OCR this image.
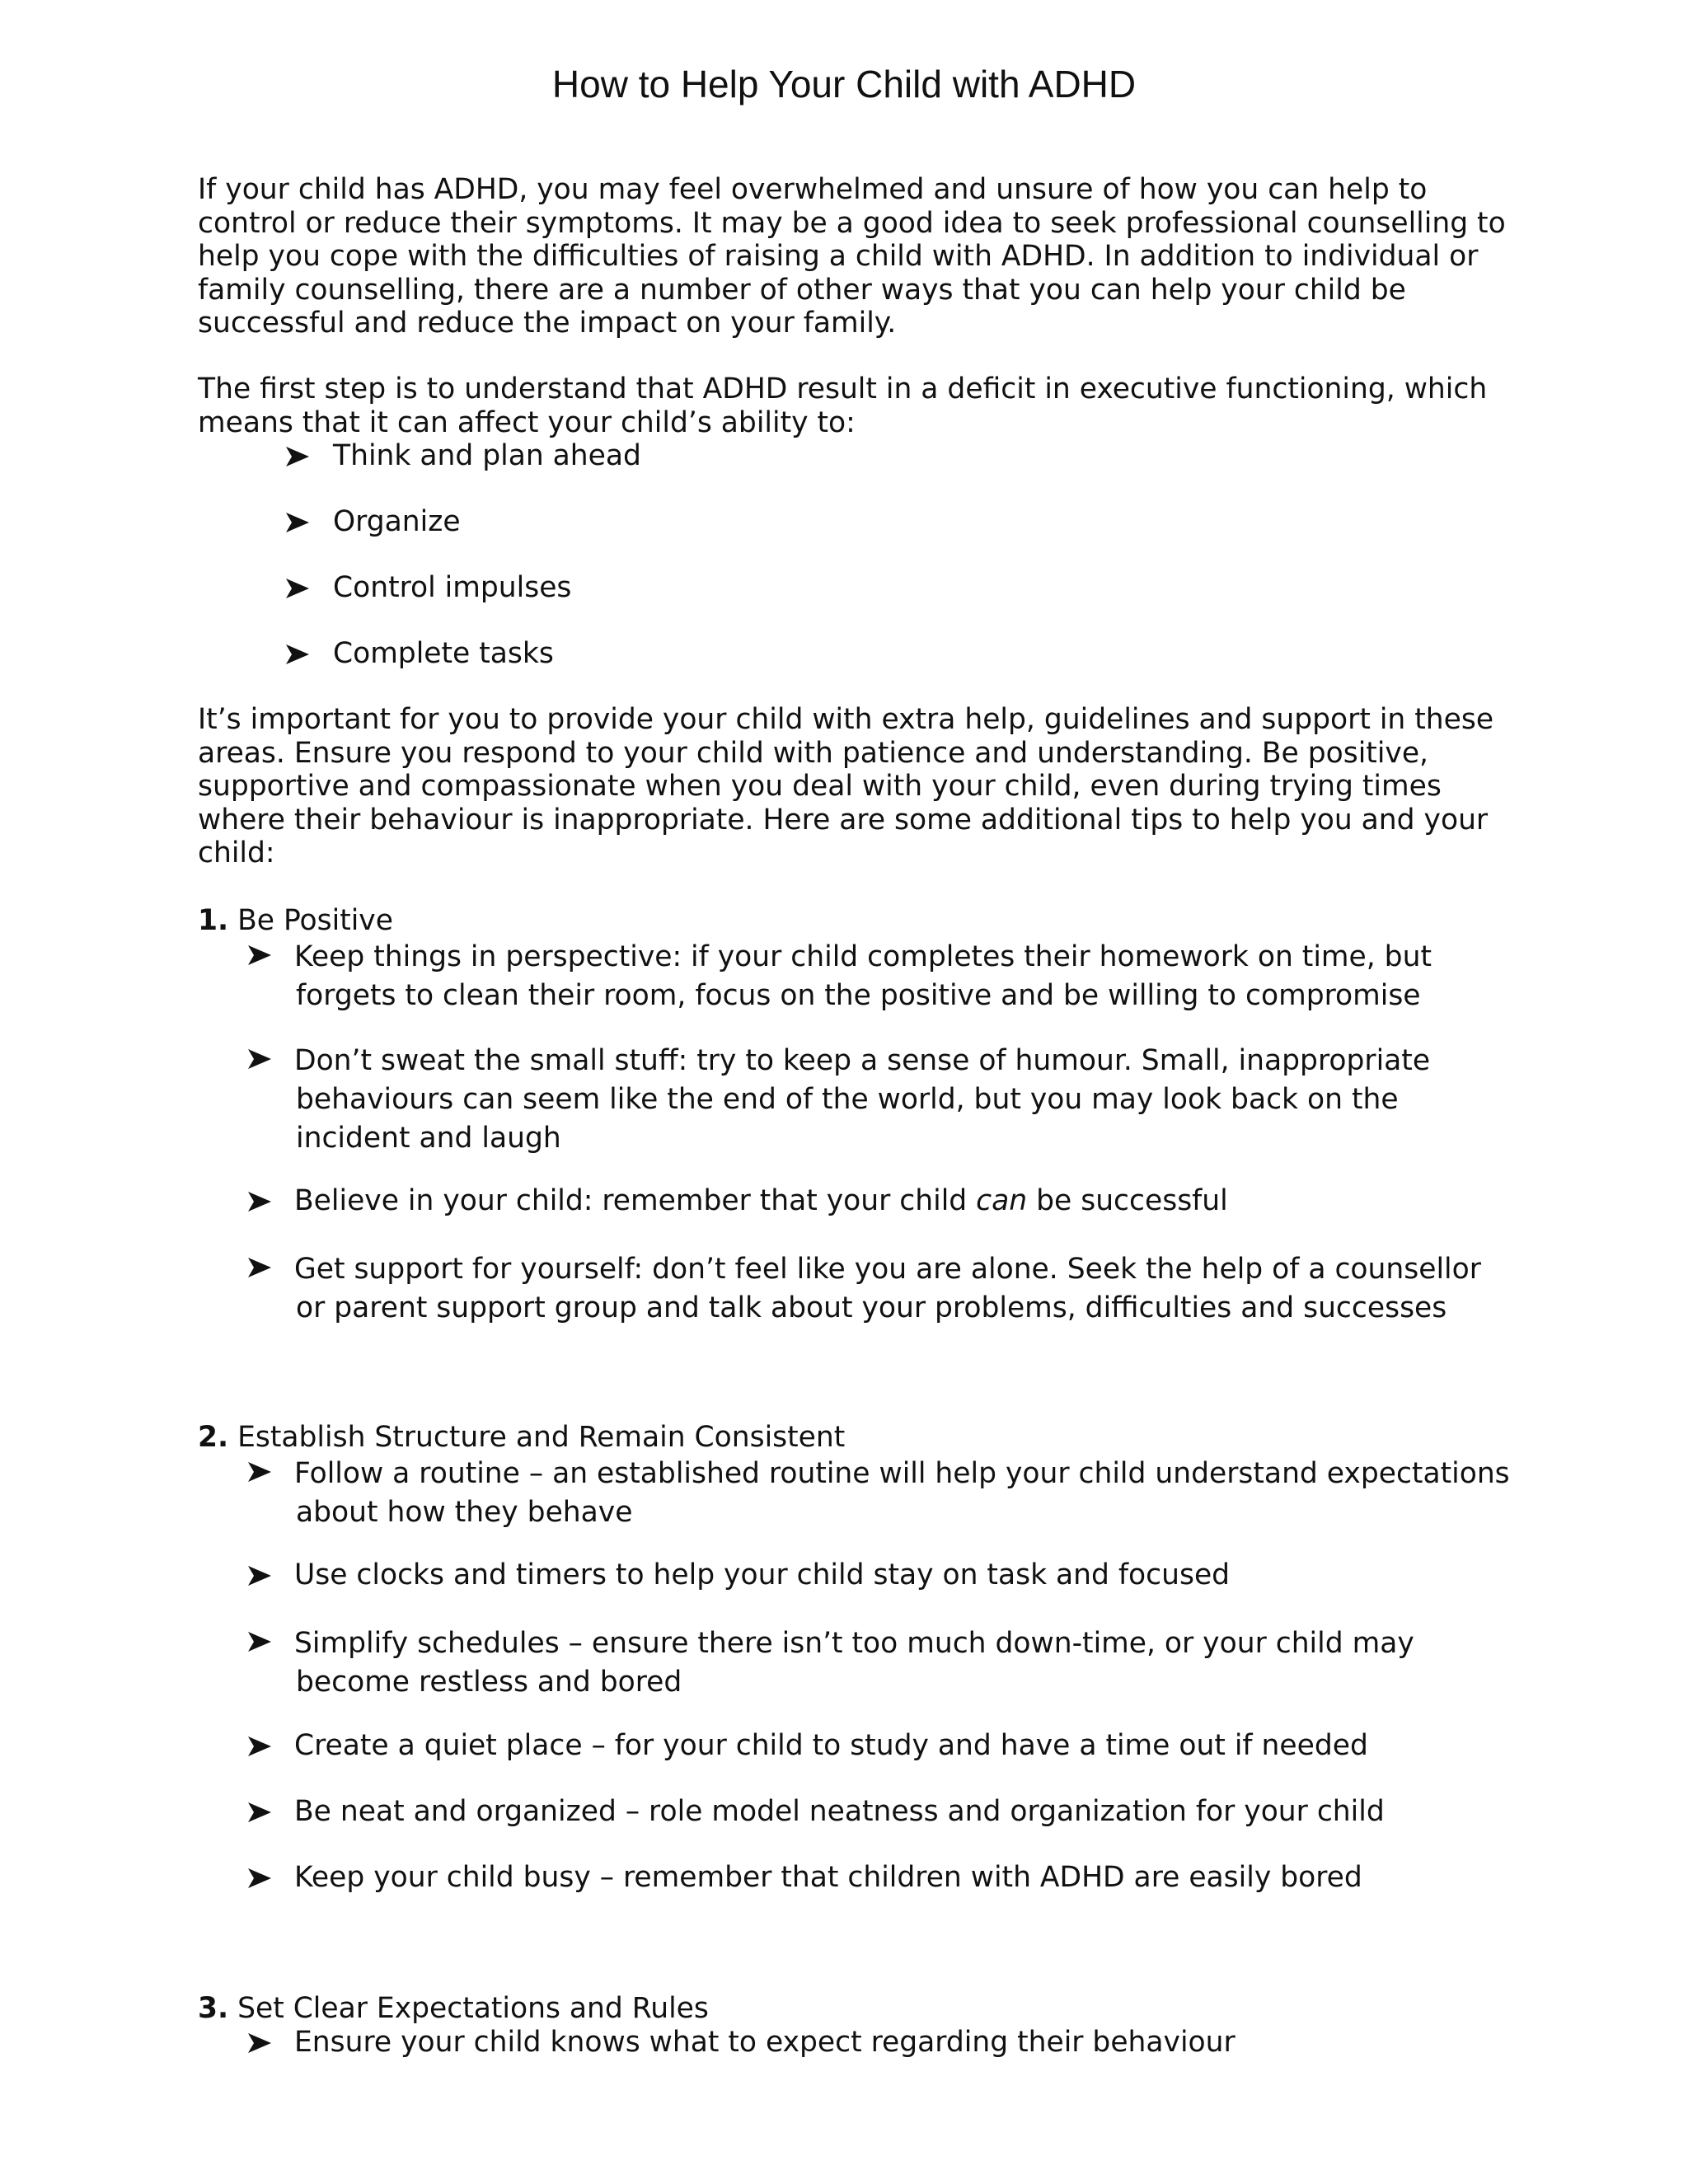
How to Help Your Child with ADHD
If your child has ADHD, you may feel overwhelmed and unsure of how you can help to
control or reduce their symptoms. It may be a good idea to seek professional counselling to
help you cope with the difficulties of raising a child with ADHD. In addition to individual or
family counselling, there are a number of other ways that you can help your child be
successful and reduce the impact on your family.
The first step is to understand that ADHD result in a deficit in executive functioning, which
means that it can affect your child’s ability to:
Think and plan ahead
Organize
Control impulses
Complete tasks
It’s important for you to provide your child with extra help, guidelines and support in these
areas. Ensure you respond to your child with patience and understanding. Be positive,
supportive and compassionate when you deal with your child, even during trying times
where their behaviour is inappropriate. Here are some additional tips to help you and your
child:
1. Be Positive
Keep things in perspective: if your child completes their homework on time, but
forgets to clean their room, focus on the positive and be willing to compromise
Don’t sweat the small stuff: try to keep a sense of humour. Small, inappropriate
behaviours can seem like the end of the world, but you may look back on the
incident and laugh
Believe in your child: remember that your child can be successful
Get support for yourself: don’t feel like you are alone. Seek the help of a counsellor
or parent support group and talk about your problems, difficulties and successes
2. Establish Structure and Remain Consistent
Follow a routine – an established routine will help your child understand expectations
about how they behave
Use clocks and timers to help your child stay on task and focused
Simplify schedules – ensure there isn’t too much down-time, or your child may
become restless and bored
Create a quiet place – for your child to study and have a time out if needed
Be neat and organized – role model neatness and organization for your child
Keep your child busy – remember that children with ADHD are easily bored
3. Set Clear Expectations and Rules
Ensure your child knows what to expect regarding their behaviour
